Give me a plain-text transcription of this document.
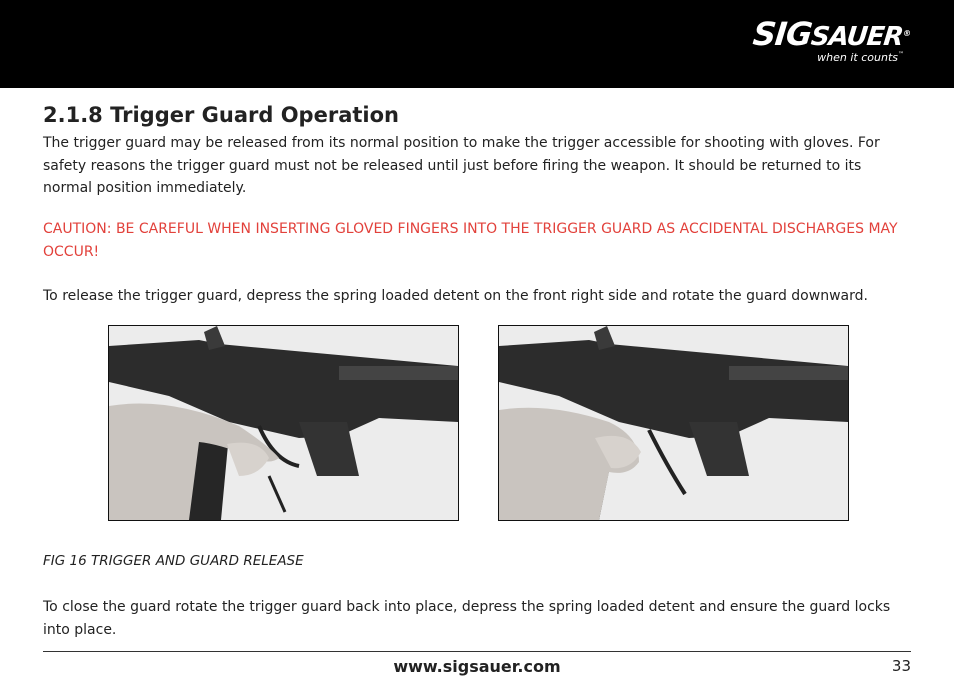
SIGSAUER®
when it counts™
2.1.8 Trigger Guard Operation
The trigger guard may be released from its normal position to make the trigger accessible for shooting with gloves. For safety reasons the trigger guard must not be released until just before firing the weapon. It should be returned to its normal position immediately.
CAUTION: BE CAREFUL WHEN INSERTING GLOVED FINGERS INTO THE TRIGGER GUARD AS ACCIDENTAL DISCHARGES MAY OCCUR!
To release the trigger guard, depress the spring loaded detent on the front right side and rotate the guard downward.
FIG 16 TRIGGER AND GUARD RELEASE
To close the guard rotate the trigger guard back into place, depress the spring loaded detent and ensure the guard locks into place.
www.sigsauer.com	33
